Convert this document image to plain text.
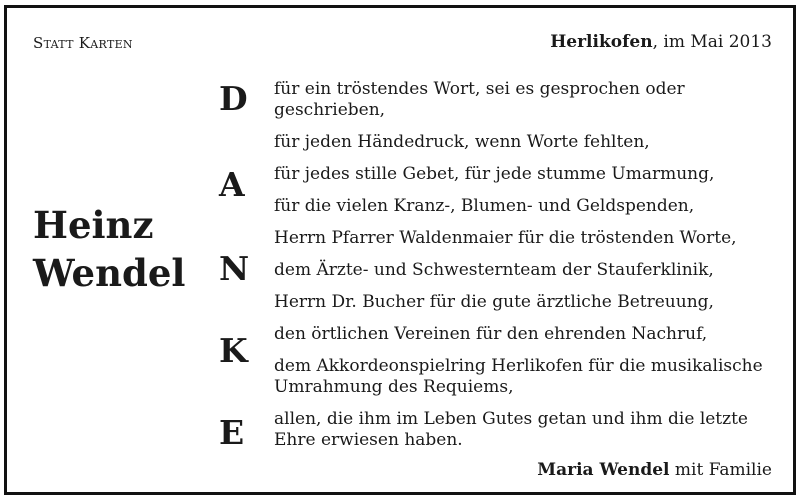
Statt Karten	Herlikofen, im Mai 2013
Heinz
Wendel
D
A
N
K
E
für ein tröstendes Wort, sei es gesprochen oder geschrieben,
für jeden Händedruck, wenn Worte fehlten,
für jedes stille Gebet, für jede stumme Umarmung,
für die vielen Kranz-, Blumen- und Geldspenden,
Herrn Pfarrer Waldenmaier für die tröstenden Worte,
dem Ärzte- und Schwesternteam der Stauferklinik,
Herrn Dr. Bucher für die gute ärztliche Betreuung,
den örtlichen Vereinen für den ehrenden Nachruf,
dem Akkordeonspielring Herlikofen für die musikalische Umrahmung des Requiems,
allen, die ihm im Leben Gutes getan und ihm die letzte Ehre erwiesen haben.
Maria Wendel mit Familie
